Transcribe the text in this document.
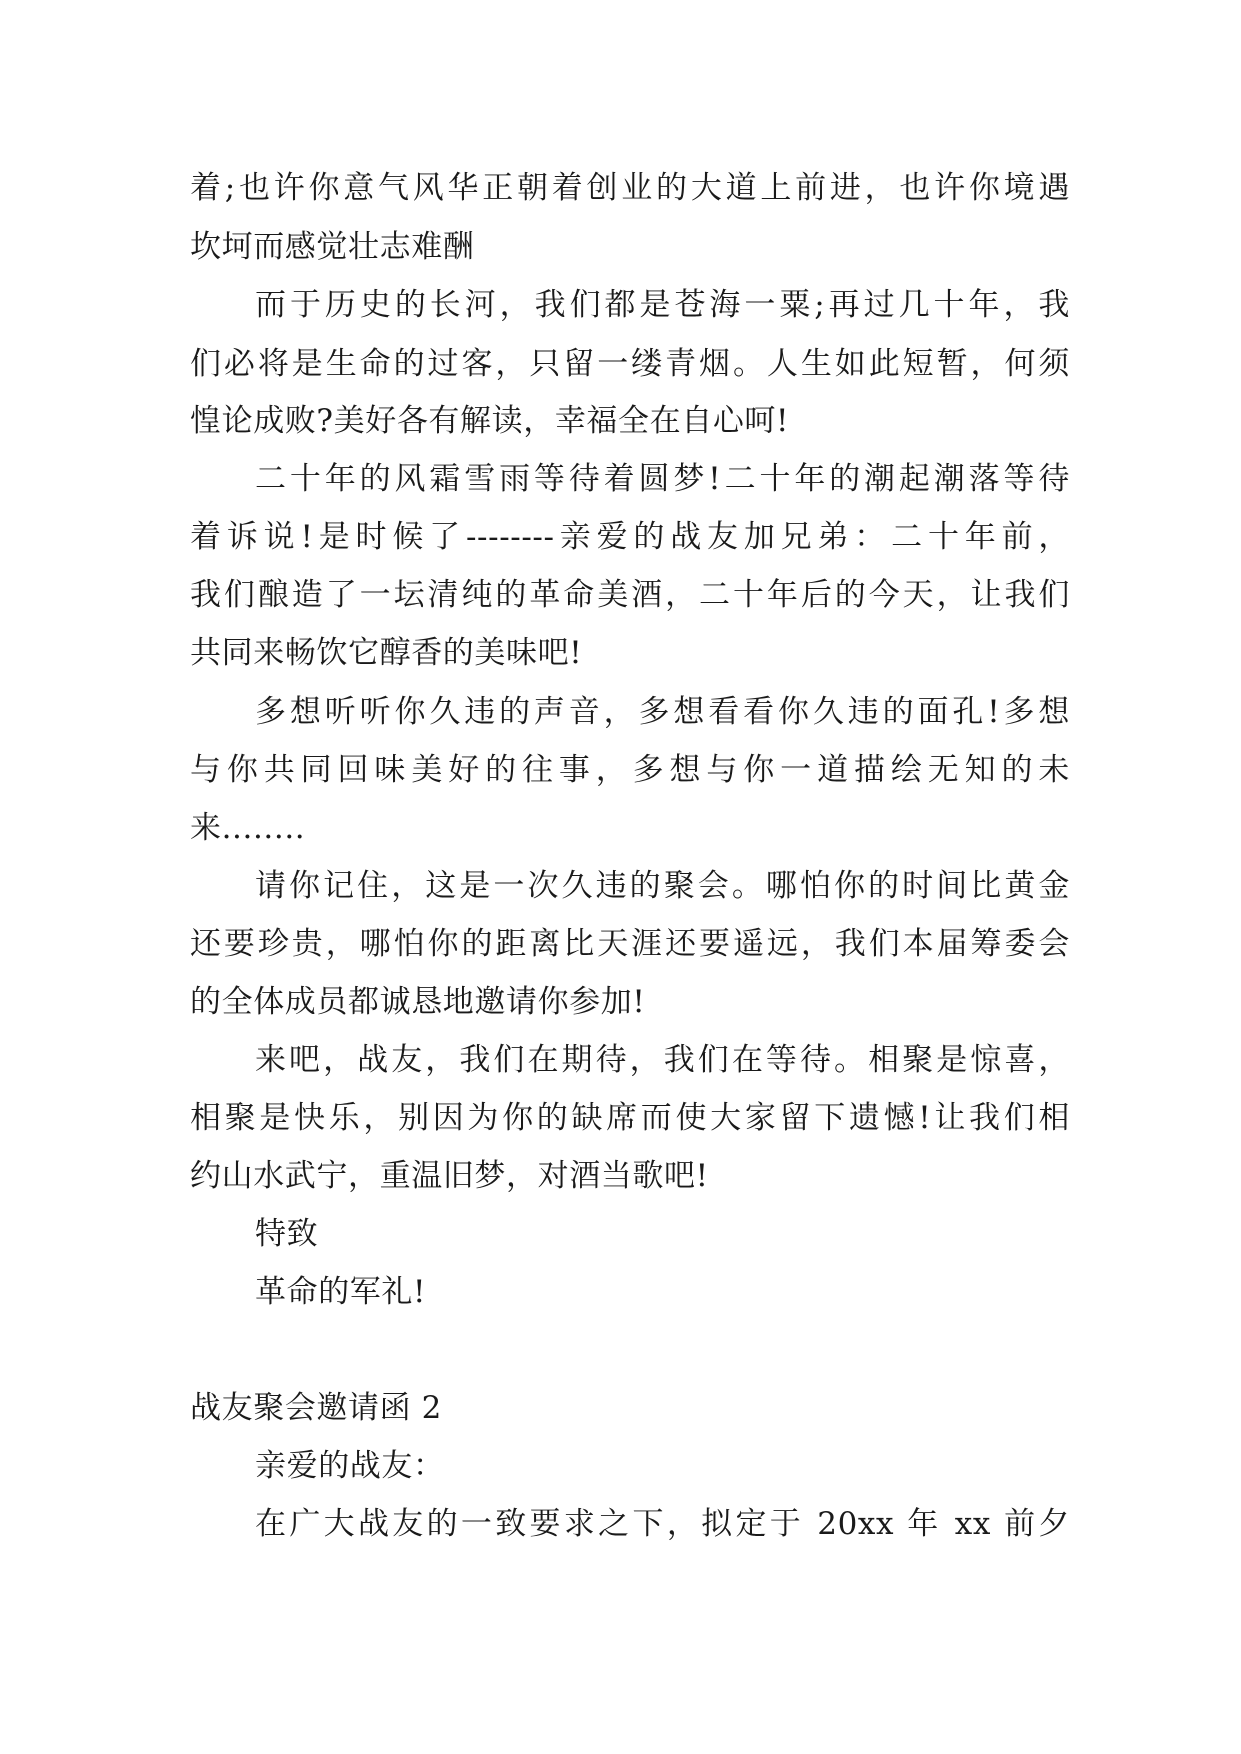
着;也许你意气风华正朝着创业的大道上前进，也许你境遇
坎坷而感觉壮志难酬
而于历史的长河，我们都是苍海一粟;再过几十年，我
们必将是生命的过客，只留一缕青烟。人生如此短暂，何须
惶论成败?美好各有解读，幸福全在自心呵!
二十年的风霜雪雨等待着圆梦!二十年的潮起潮落等待
着诉说!是时候了--------亲爱的战友加兄弟：二十年前，
我们酿造了一坛清纯的革命美酒，二十年后的今天，让我们
共同来畅饮它醇香的美味吧!
多想听听你久违的声音，多想看看你久违的面孔!多想
与你共同回味美好的往事，多想与你一道描绘无知的未
来........
请你记住，这是一次久违的聚会。哪怕你的时间比黄金
还要珍贵，哪怕你的距离比天涯还要遥远，我们本届筹委会
的全体成员都诚恳地邀请你参加!
来吧，战友，我们在期待，我们在等待。相聚是惊喜，
相聚是快乐，别因为你的缺席而使大家留下遗憾!让我们相
约山水武宁，重温旧梦，对酒当歌吧!
特致
革命的军礼!
战友聚会邀请函 2
亲爱的战友：
在广大战友的一致要求之下，拟定于 20xx 年 xx 前夕
